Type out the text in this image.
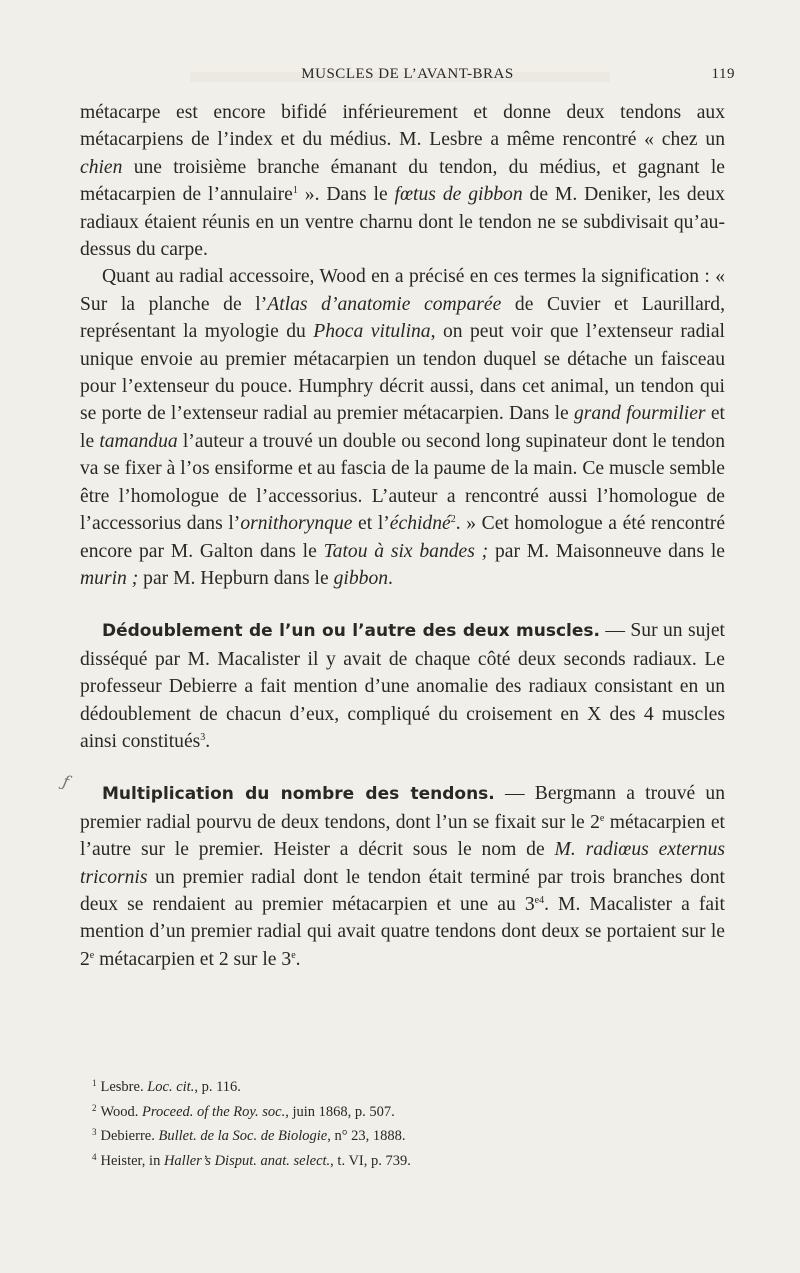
MUSCLES DE L’AVANT-BRAS	119

métacarpe est encore bifidé inférieurement et donne deux tendons aux métacarpiens de l’index et du médius. M. Lesbre a même rencontré « chez un chien une troisième branche émanant du tendon, du médius, et gagnant le métacarpien de l’annulaire$^1$ ». Dans le fœtus de gibbon de M. Deniker, les deux radiaux étaient réunis en un ventre charnu dont le tendon ne se subdivisait qu’au-dessus du carpe.

Quant au radial accessoire, Wood en a précisé en ces termes la signification : « Sur la planche de l’Atlas d’anatomie comparée de Cuvier et Laurillard, représentant la myologie du Phoca vitulina, on peut voir que l’extenseur radial unique envoie au premier métacarpien un tendon duquel se détache un faisceau pour l’extenseur du pouce. Humphry décrit aussi, dans cet animal, un tendon qui se porte de l’extenseur radial au premier métacarpien. Dans le grand fourmilier et le tamandua l’auteur a trouvé un double ou second long supinateur dont le tendon va se fixer à l’os ensiforme et au fascia de la paume de la main. Ce muscle semble être l’homologue de l’accessorius. L’auteur a rencontré aussi l’homologue de l’accessorius dans l’ornithorynque et l’échidné$^2$. » Cet homologue a été rencontré encore par M. Galton dans le Tatou à six bandes ; par M. Maisonneuve dans le murin ; par M. Hepburn dans le gibbon.

Dédoublement de l’un ou l’autre des deux muscles. — Sur un sujet disséqué par M. Macalister il y avait de chaque côté deux seconds radiaux. Le professeur Debierre a fait mention d’une anomalie des radiaux consistant en un dédoublement de chacun d’eux, compliqué du croisement en X des 4 muscles ainsi constitués$^3$.

Multiplication du nombre des tendons. — Bergmann a trouvé un premier radial pourvu de deux tendons, dont l’un se fixait sur le 2e métacarpien et l’autre sur le premier. Heister a décrit sous le nom de M. radiœus externus tricornis un premier radial dont le tendon était terminé par trois branches dont deux se rendaient au premier métacarpien et une au $3^{e4}$. M. Macalister a fait mention d’un premier radial qui avait quatre tendons dont deux se portaient sur le 2e métacarpien et 2 sur le 3e.

ƒ
$^1$ Lesbre. Loc. cit., p. 116.
$^2$ Wood. Proceed. of the Roy. soc., juin 1868, p. 507.
$^3$ Debierre. Bullet. de la Soc. de Biologie, n° 23, 1888.
$^4$ Heister, in Haller’s Disput. anat. select., t. VI, p. 739.
